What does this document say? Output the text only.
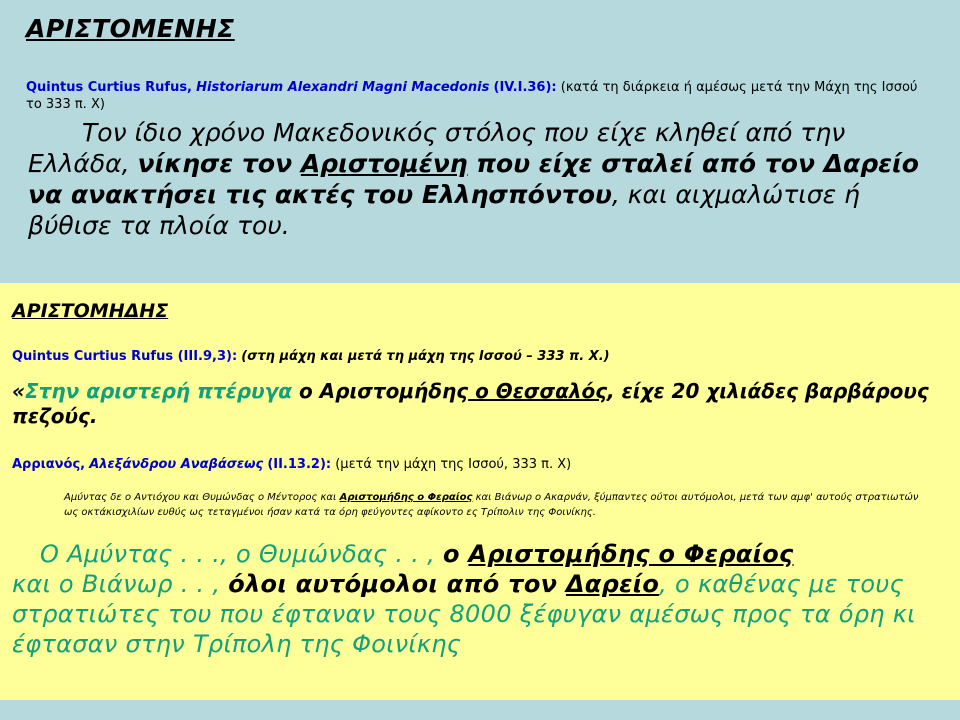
ΑΡΙΣΤΟΜΕΝΗΣ
Quintus Curtius Rufus, Historiarum Alexandri Magni Macedonis (IV.I.36): (κατά τη διάρκεια ή αμέσως μετά την Μάχη της Ισσού το 333 π. Χ)
Τον ίδιο χρόνο Μακεδονικός στόλος που είχε κληθεί από την Ελλάδα, νίκησε τον Αριστομένη που είχε σταλεί από τον Δαρείο να ανακτήσει τις ακτές του Ελλησπόντου, και αιχμαλώτισε ή βύθισε τα πλοία του.
ΑΡΙΣΤΟΜΗΔΗΣ
Quintus Curtius Rufus (III.9,3): (στη μάχη και μετά τη μάχη της Ισσού – 333 π. Χ.)
«Στην αριστερή πτέρυγα ο Αριστομήδης ο Θεσσαλός, είχε 20 χιλιάδες βαρβάρους πεζούς.
Αρριανός, Αλεξάνδρου Αναβάσεως (II.13.2): (μετά την μάχη της Ισσού, 333 π. Χ)
Αμύντας δε ο Αντιόχου και Θυμώνδας ο Μέντορος και Αριστομήδης ο Φεραίος και Βιάνωρ ο Ακαρνάν, ξύμπαντες ούτοι αυτόμολοι, μετά των αμφ' αυτούς στρατιωτών ως οκτάκισχιλίων ευθύς ως τεταγμένοι ήσαν κατά τα όρη φεύγοντες αφίκοντο ες Τρίπολιν της Φοινίκης.
Ο Αμύντας . . ., ο Θυμώνδας . . , ο Αριστομήδης ο Φεραίος
και ο Βιάνωρ . . , όλοι αυτόμολοι από τον Δαρείο, ο καθένας με τους στρατιώτες του που έφταναν τους 8000 ξέφυγαν αμέσως προς τα όρη κι έφτασαν στην Τρίπολη της Φοινίκης
